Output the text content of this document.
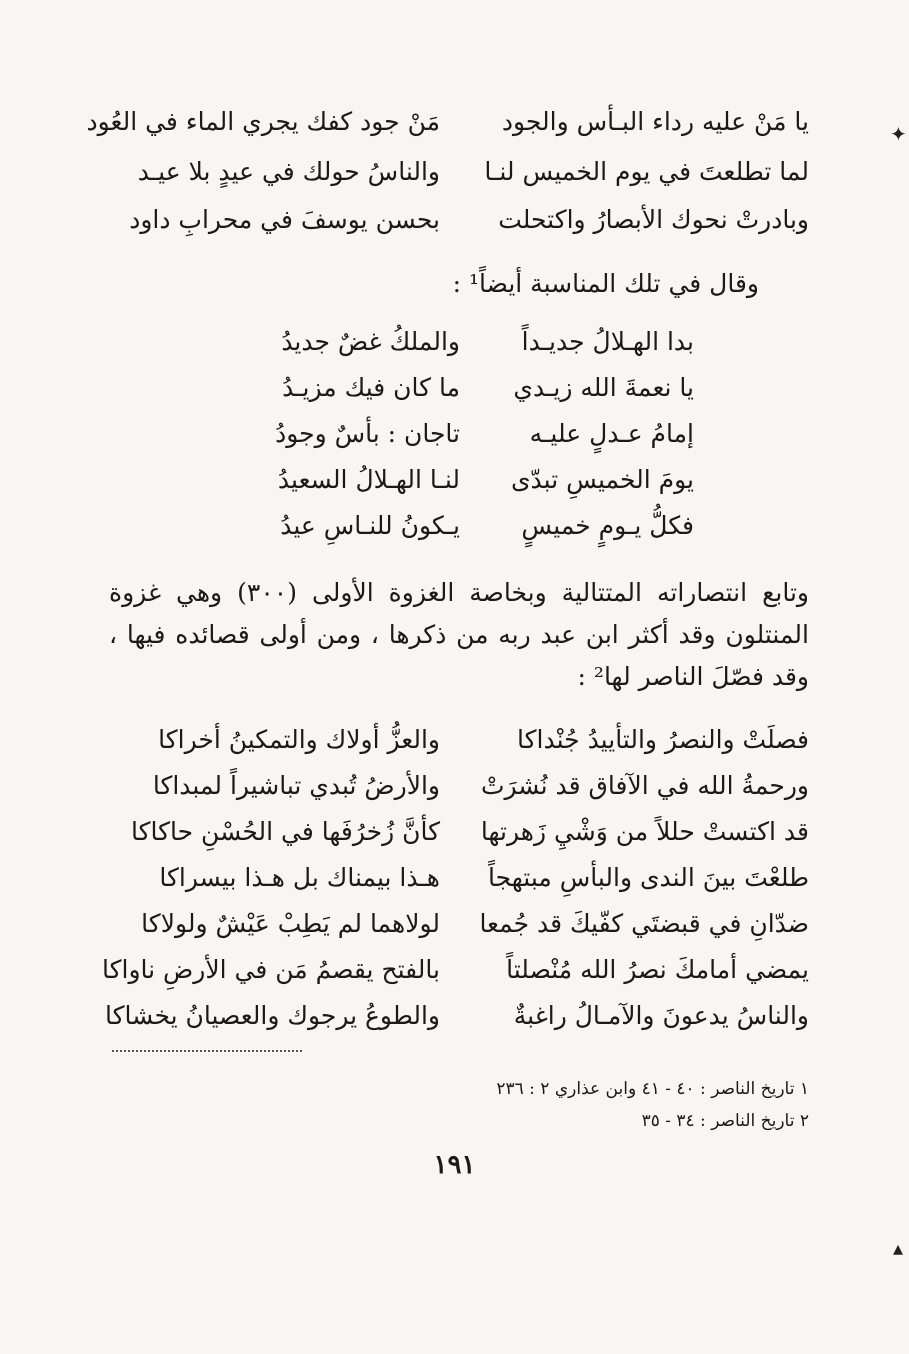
يا مَنْ عليه رداء البـأس والجود
مَنْ جود كفك يجري الماء في العُود
لما تطلعتَ في يوم الخميس لنـا
والناسُ حولك في عيدٍ بلا عيـد
وبادرتْ نحوك الأبصارُ واكتحلت
بحسن يوسفَ في محرابِ داود
وقال في تلك المناسبة أيضاً¹ :
بدا الهـلالُ جديـداً
والملكُ غضٌ جديدُ
يا نعمةَ الله زيـدي
ما كان فيك مزيـدُ
إمامُ عـدلٍ عليـه
تاجان : بأسٌ وجودُ
يومَ الخميسِ تبدّى
لنـا الهـلالُ السعيدُ
فكلُّ يـومٍ خميسٍ
يـكونُ للنـاسِ عيدُ
وتابع انتصاراته المتتالية وبخاصة الغزوة الأولى (٣٠٠) وهي غزوة المنتلون وقد أكثر ابن عبد ربه من ذكرها ، ومن أولى قصائده فيها ، وقد فصّلَ الناصر لها² :
فصلَتْ والنصرُ والتأييدُ جُنْداكا
والعزُّ أولاك والتمكينُ أخراكا
ورحمةُ الله في الآفاق قد نُشرَتْ
والأرضُ تُبدي تباشيراً لمبداكا
قد اكتستْ حللاً من وَشْيِ زَهرتها
كأنَّ زُخرُفَها في الحُسْنِ حاكاكا
طلعْتَ بينَ الندى والبأسِ مبتهجاً
هـذا بيمناك بل هـذا بيسراكا
ضدّانِ في قبضتَي كفّيكَ قد جُمعا
لولاهما لم يَطِبْ عَيْشٌ ولولاكا
يمضي أمامكَ نصرُ الله مُنْصلتاً
بالفتح يقصمُ مَن في الأرضِ ناواكا
والناسُ يدعونَ والآمـالُ راغبةٌ
والطوعُ يرجوك والعصيانُ يخشاكا
١ تاريخ الناصر : ٤٠ - ٤١ وابن عذاري ٢ : ٢٣٦
٢ تاريخ الناصر : ٣٤ - ٣٥
١٩١
✦
▴
